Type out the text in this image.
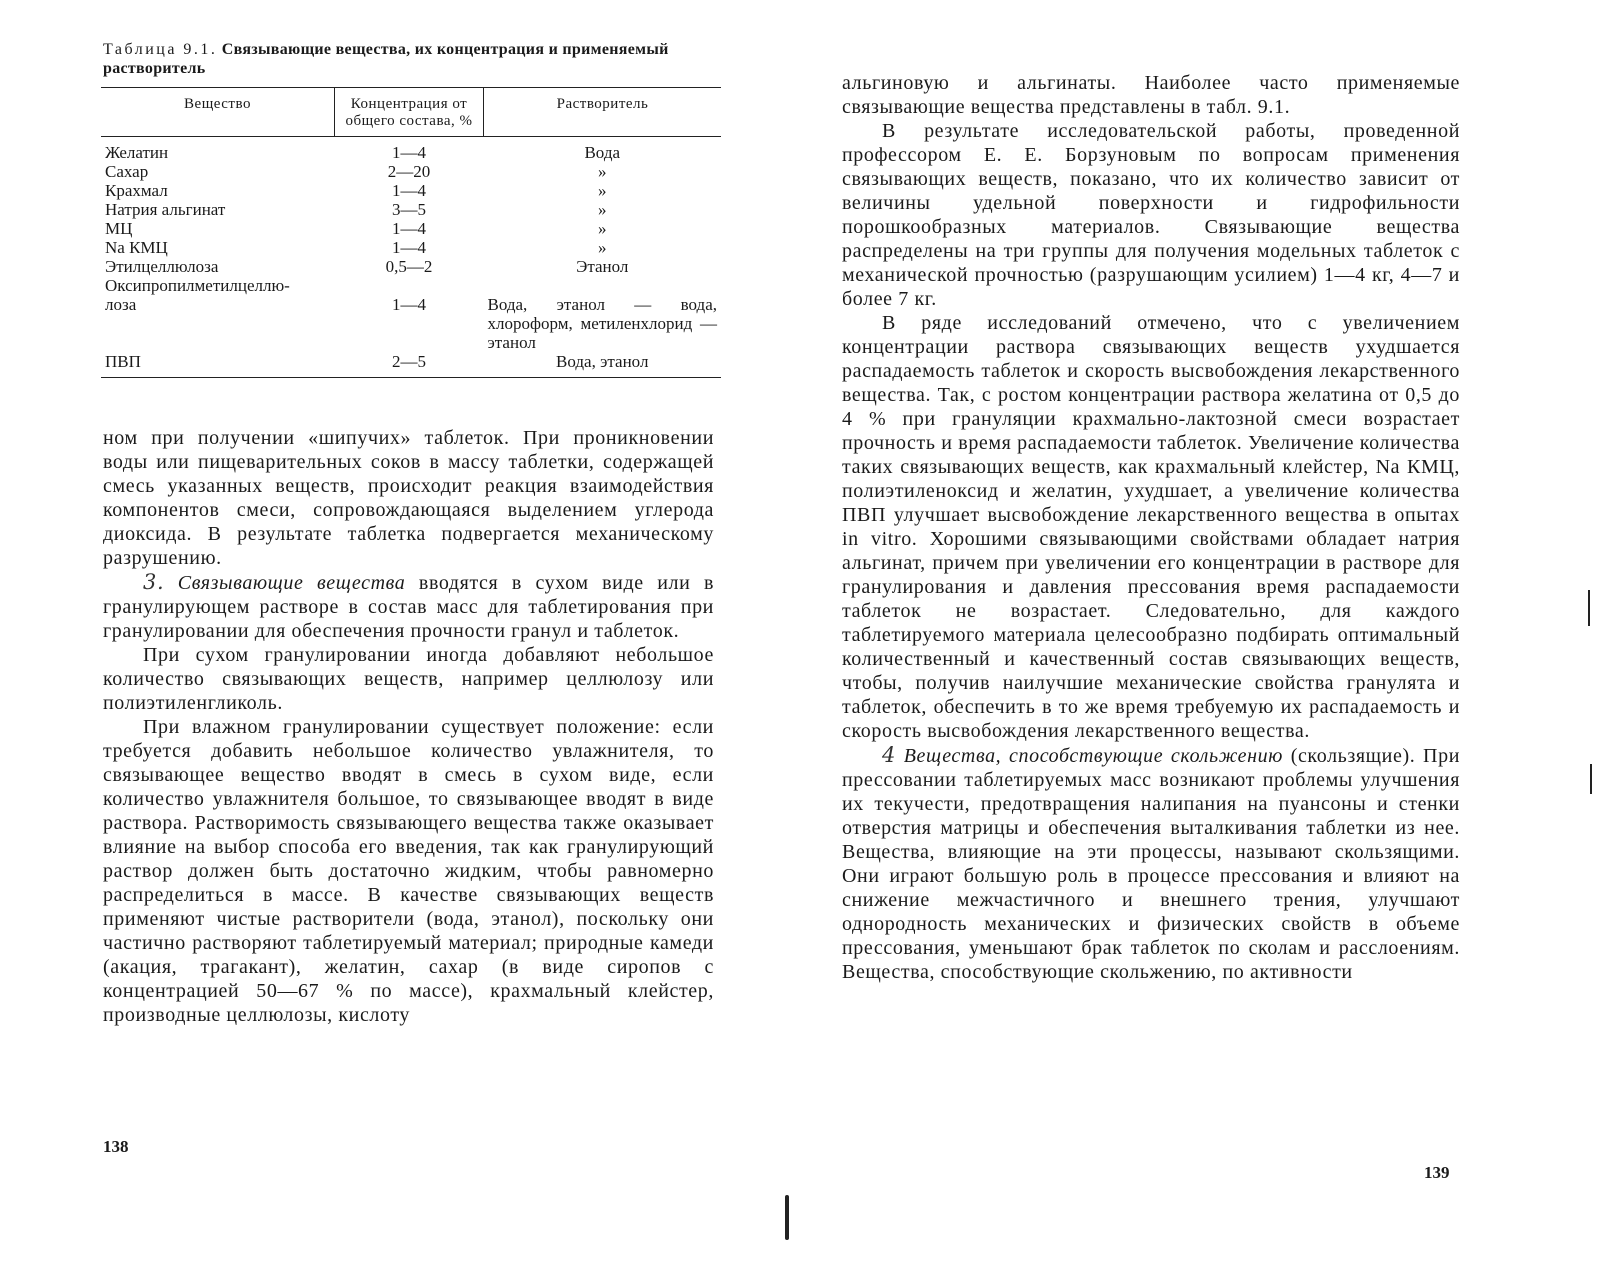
Таблица 9.1. Связывающие вещества, их концентрация и применяемый растворитель
Вещество	Концентрация от общего состава, %	Растворитель
Желатин	1—4	Вода
Сахар	2—20	»
Крахмал	1—4	»
Натрия альгинат	3—5	»
МЦ	1—4	»
Na КМЦ	1—4	»
Этилцеллюлоза	0,5—2	Этанол
Оксипропилметилцеллю-		
лоза	1—4	Вода, этанол — вода, хлороформ, метиленхлорид — этанол
ПВП	2—5	Вода, этанол

ном при получении «шипучих» таблеток. При проникновении воды или пищеварительных соков в массу таблетки, содержащей смесь указанных веществ, происходит реакция взаимодействия компонентов смеси, сопровождающаяся выделением углерода диоксида. В результате таблетка подвергается механическому разрушению.

3. Связывающие вещества вводятся в сухом виде или в гранулирующем растворе в состав масс для таблетирования при гранулировании для обеспечения прочности гранул и таблеток.

При сухом гранулировании иногда добавляют небольшое количество связывающих веществ, например целлюлозу или полиэтиленгликоль.

При влажном гранулировании существует положение: если требуется добавить небольшое количество увлажнителя, то связывающее вещество вводят в смесь в сухом виде, если количество увлажнителя большое, то связывающее вводят в виде раствора. Растворимость связывающего вещества также оказывает влияние на выбор способа его введения, так как гранулирующий раствор должен быть достаточно жидким, чтобы равномерно распределиться в массе. В качестве связывающих веществ применяют чистые растворители (вода, этанол), поскольку они частично растворяют таблетируемый материал; природные камеди (акация, трагакант), желатин, сахар (в виде сиропов с концентрацией 50—67 % по массе), крахмальный клейстер, производные целлюлозы, кислоту

138

альгиновую и альгинаты. Наиболее часто применяемые связывающие вещества представлены в табл. 9.1.

В результате исследовательской работы, проведенной профессором Е. Е. Борзуновым по вопросам применения связывающих веществ, показано, что их количество зависит от величины удельной поверхности и гидрофильности порошкообразных материалов. Связывающие вещества распределены на три группы для получения модельных таблеток с механической прочностью (разрушающим усилием) 1—4 кг, 4—7 и более 7 кг.

В ряде исследований отмечено, что с увеличением концентрации раствора связывающих веществ ухудшается распадаемость таблеток и скорость высвобождения лекарственного вещества. Так, с ростом концентрации раствора желатина от 0,5 до 4 % при грануляции крахмально-лактозной смеси возрастает прочность и время распадаемости таблеток. Увеличение количества таких связывающих веществ, как крахмальный клейстер, Na КМЦ, полиэтиленоксид и желатин, ухудшает, а увеличение количества ПВП улучшает высвобождение лекарственного вещества в опытах in vitro. Хорошими связывающими свойствами обладает натрия альгинат, причем при увеличении его концентрации в растворе для гранулирования и давления прессования время распадаемости таблеток не возрастает. Следовательно, для каждого таблетируемого материала целесообразно подбирать оптимальный количественный и качественный состав связывающих веществ, чтобы, получив наилучшие механические свойства гранулята и таблеток, обеспечить в то же время требуемую их распадаемость и скорость высвобождения лекарственного вещества.

4 Вещества, способствующие скольжению (скользящие). При прессовании таблетируемых масс возникают проблемы улучшения их текучести, предотвращения налипания на пуансоны и стенки отверстия матрицы и обеспечения выталкивания таблетки из нее. Вещества, влияющие на эти процессы, называют скользящими. Они играют большую роль в процессе прессования и влияют на снижение межчастичного и внешнего трения, улучшают однородность механических и физических свойств в объеме прессования, уменьшают брак таблеток по сколам и расслоениям. Вещества, способствующие скольжению, по активности

139
